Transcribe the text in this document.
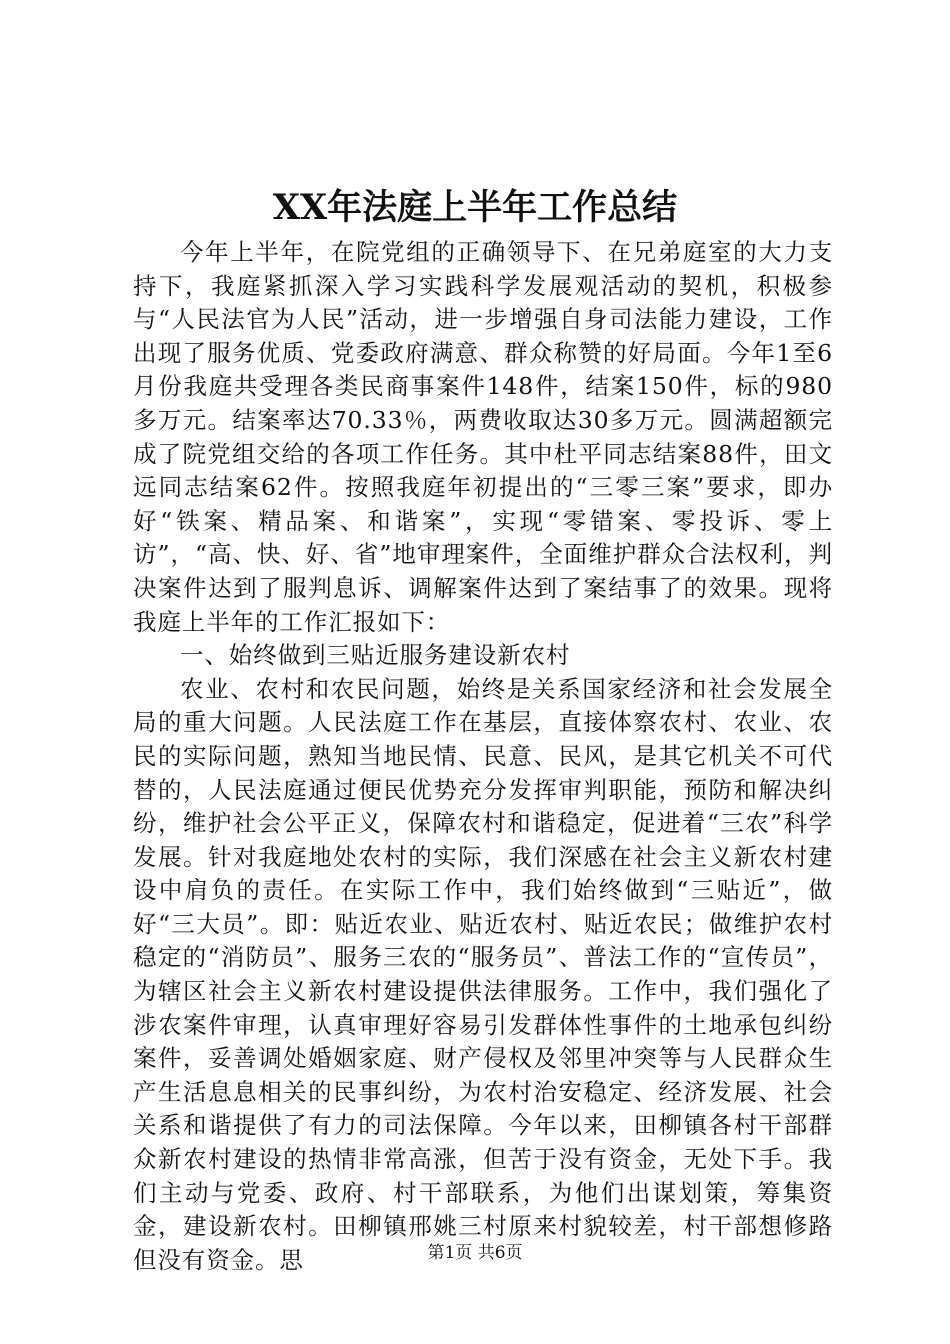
XX年法庭上半年工作总结

今年上半年，在院党组的正确领导下、在兄弟庭室的大力支持下，我庭紧抓深入学习实践科学发展观活动的契机，积极参与“人民法官为人民”活动，进一步增强自身司法能力建设，工作出现了服务优质、党委政府满意、群众称赞的好局面。今年1至6月份我庭共受理各类民商事案件148件，结案150件，标的980多万元。结案率达70.33％，两费收取达30多万元。圆满超额完成了院党组交给的各项工作任务。其中杜平同志结案88件，田文远同志结案62件。按照我庭年初提出的“三零三案”要求，即办好“铁案、精品案、和谐案”，实现“零错案、零投诉、零上访”，“高、快、好、省”地审理案件，全面维护群众合法权利，判决案件达到了服判息诉、调解案件达到了案结事了的效果。现将我庭上半年的工作汇报如下：

一、始终做到三贴近服务建设新农村

农业、农村和农民问题，始终是关系国家经济和社会发展全局的重大问题。人民法庭工作在基层，直接体察农村、农业、农民的实际问题，熟知当地民情、民意、民风，是其它机关不可代替的，人民法庭通过便民优势充分发挥审判职能，预防和解决纠纷，维护社会公平正义，保障农村和谐稳定，促进着“三农”科学发展。针对我庭地处农村的实际，我们深感在社会主义新农村建设中肩负的责任。在实际工作中，我们始终做到“三贴近”，做好“三大员”。即：贴近农业、贴近农村、贴近农民；做维护农村稳定的“消防员”、服务三农的“服务员”、普法工作的“宣传员”，为辖区社会主义新农村建设提供法律服务。工作中，我们强化了涉农案件审理，认真审理好容易引发群体性事件的土地承包纠纷案件，妥善调处婚姻家庭、财产侵权及邻里冲突等与人民群众生产生活息息相关的民事纠纷，为农村治安稳定、经济发展、社会关系和谐提供了有力的司法保障。今年以来，田柳镇各村干部群众新农村建设的热情非常高涨，但苦于没有资金，无处下手。我们主动与党委、政府、村干部联系，为他们出谋划策，筹集资金，建设新农村。田柳镇邢姚三村原来村貌较差，村干部想修路但没有资金。思	第1页 共6页
